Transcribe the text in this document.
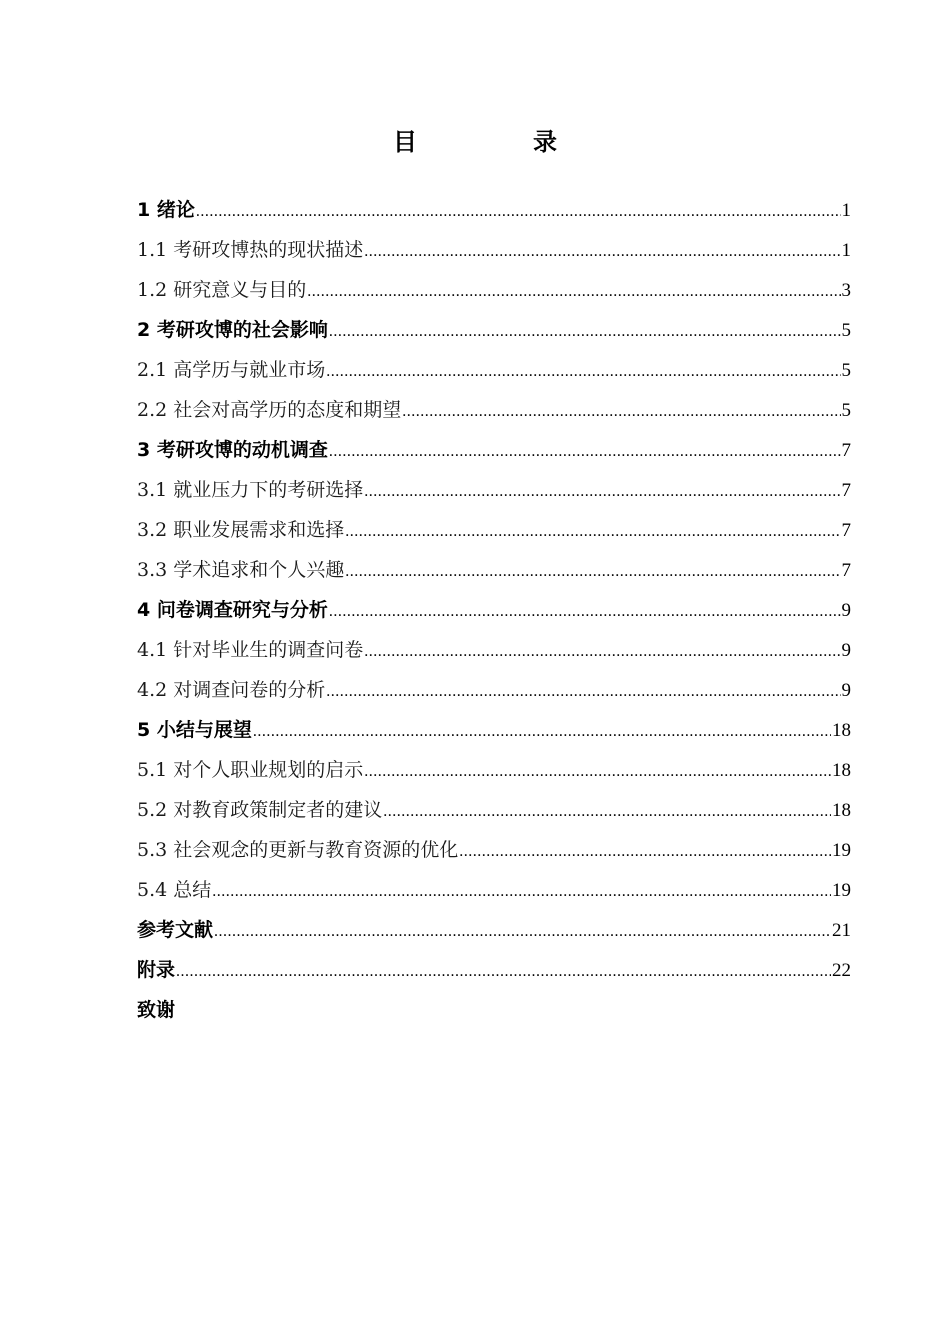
目　录
1 绪论 .....	1
1.1 考研攻博热的现状描述 .....	1
1.2 研究意义与目的 .....	3
2 考研攻博的社会影响 .....	5
2.1 高学历与就业市场 .....	5
2.2 社会对高学历的态度和期望 .....	5
3 考研攻博的动机调查 .....	7
3.1 就业压力下的考研选择 .....	7
3.2 职业发展需求和选择 .....	7
3.3 学术追求和个人兴趣 .....	7
4 问卷调查研究与分析 .....	9
4.1 针对毕业生的调查问卷 .....	9
4.2 对调查问卷的分析 .....	9
5 小结与展望 .....	18
5.1 对个人职业规划的启示 .....	18
5.2 对教育政策制定者的建议 .....	18
5.3 社会观念的更新与教育资源的优化 .....	19
5.4 总结 .....	19
参考文献 .....	21
附录 .....	22
致谢
